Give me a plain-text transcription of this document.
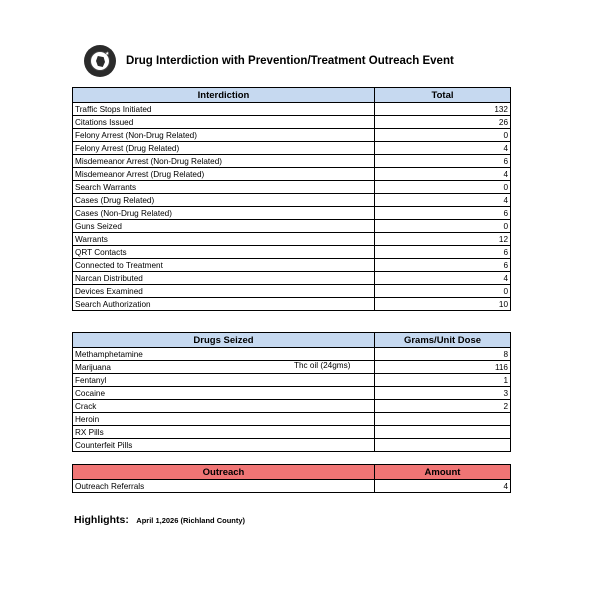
★
Drug Interdiction with Prevention/Treatment Outreach Event
Interdiction	Total
Traffic Stops Initiated	132
Citations Issued	26
Felony Arrest (Non-Drug Related)	0
Felony Arrest (Drug Related)	4
Misdemeanor Arrest (Non-Drug Related)	6
Misdemeanor Arrest (Drug Related)	4
Search Warrants	0
Cases (Drug Related)	4
Cases (Non-Drug Related)	6
Guns Seized	0
Warrants	12
QRT Contacts	6
Connected to Treatment	6
Narcan Distributed	4
Devices Examined	0
Search Authorization	10
Drugs Seized	Grams/Unit Dose
Methamphetamine	8
Marijuana Thc oil (24gms)	116
Fentanyl	1
Cocaine	3
Crack	2
Heroin	
RX Pills	
Counterfeit Pills	
Outreach	Amount
Outreach Referrals	4
Highlights: April 1,2026 (Richland County)
